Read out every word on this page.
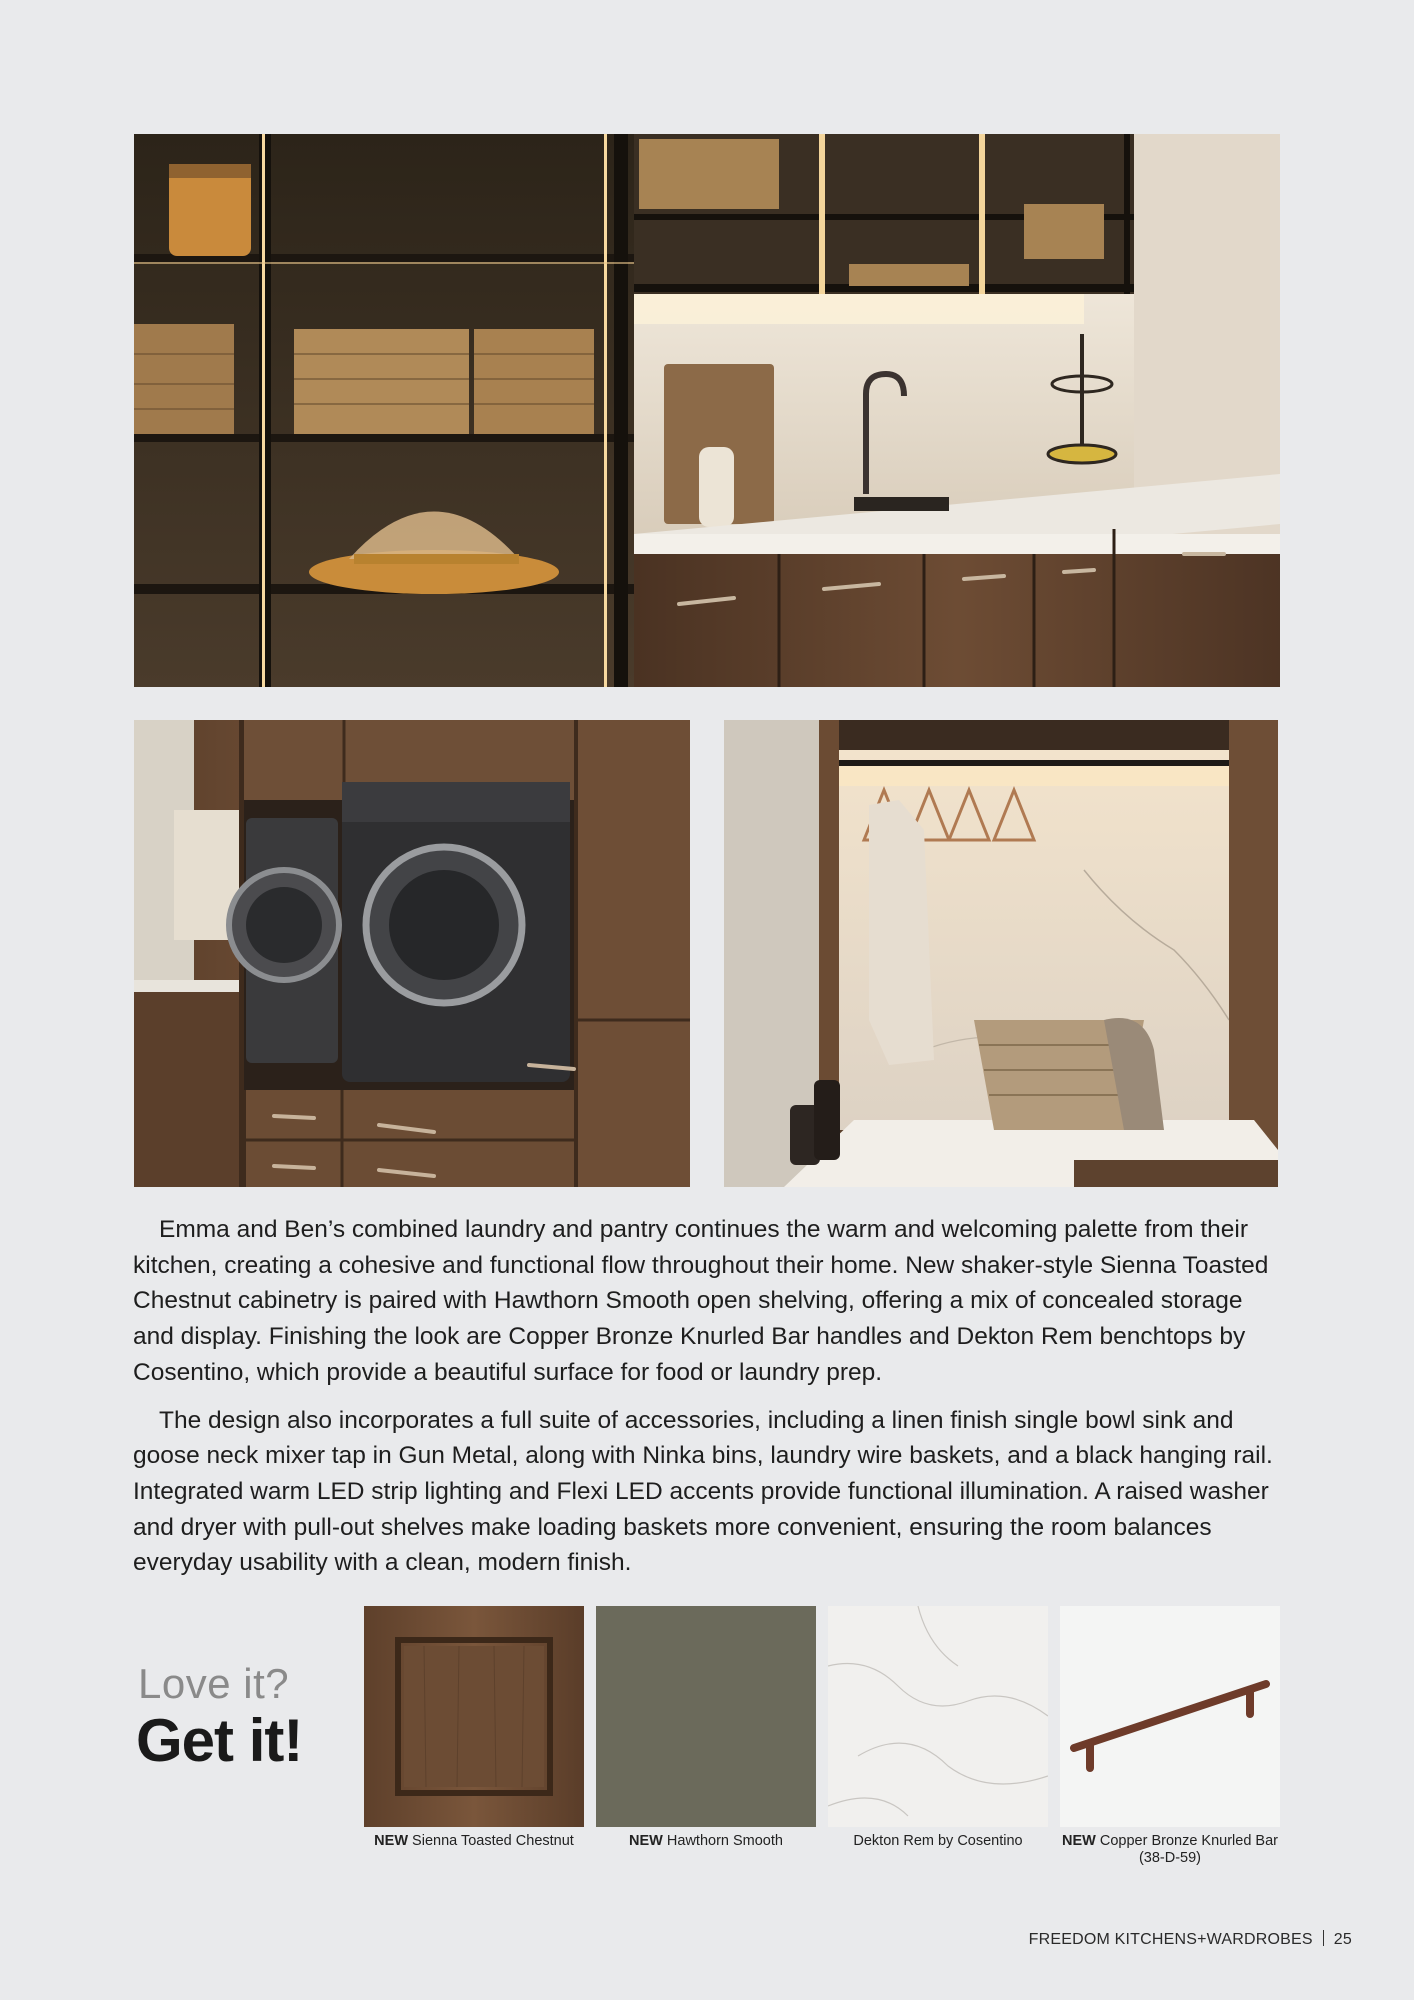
Emma and Ben’s combined laundry and pantry continues the warm and welcoming palette from their kitchen, creating a cohesive and functional flow throughout their home. New shaker-style Sienna Toasted Chestnut cabinetry is paired with Hawthorn Smooth open shelving, offering a mix of concealed storage and display. Finishing the look are Copper Bronze Knurled Bar handles and Dekton Rem benchtops by Cosentino, which provide a beautiful surface for food or laundry prep.

The design also incorporates a full suite of accessories, including a linen finish single bowl sink and goose neck mixer tap in Gun Metal, along with Ninka bins, laundry wire baskets, and a black hanging rail. Integrated warm LED strip lighting and Flexi LED accents provide functional illumination. A raised washer and dryer with pull-out shelves make loading baskets more convenient, ensuring the room balances everyday usability with a clean, modern finish.

Love it?
Get it!
NEW Sienna Toasted Chestnut	NEW Hawthorn Smooth	Dekton Rem by Cosentino	NEW Copper Bronze Knurled Bar (38-D-59)
FREEDOM KITCHENS+WARDROBES 25
